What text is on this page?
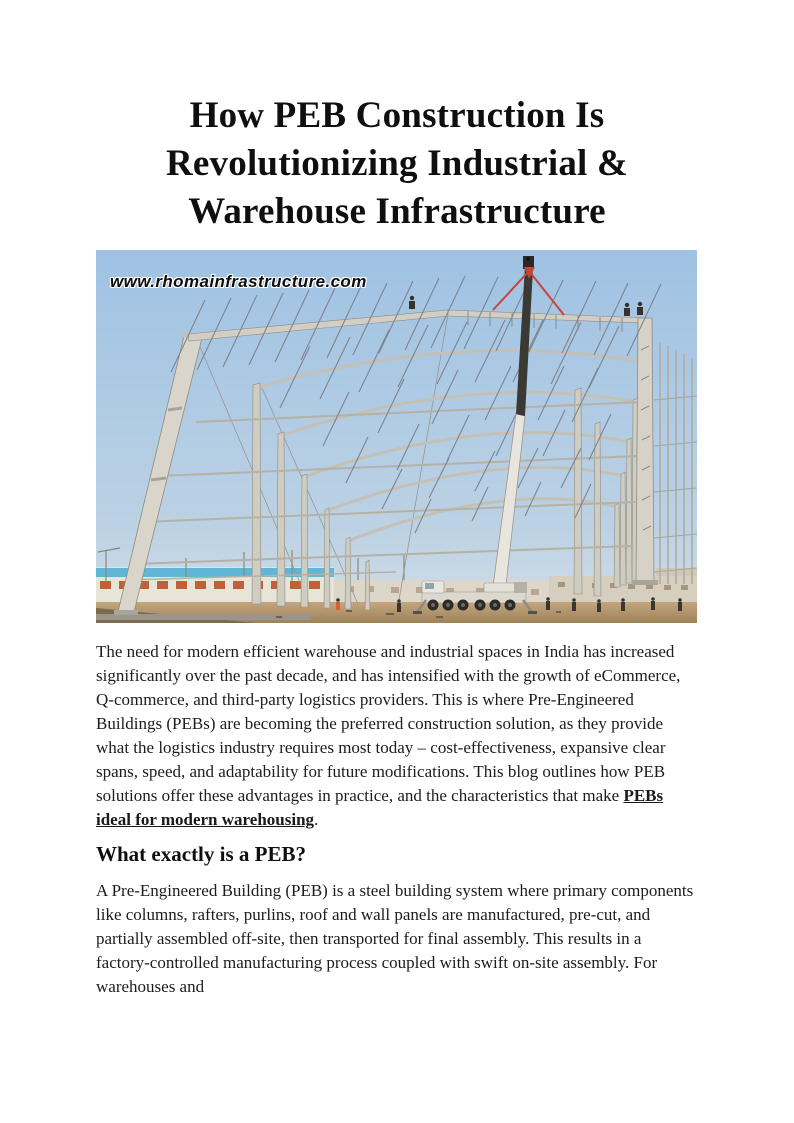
How PEB Construction Is
Revolutionizing Industrial &
Warehouse Infrastructure
www.rhomainfrastructure.com

The need for modern efficient warehouse and industrial spaces in India has increased significantly over the past decade, and has intensified with the growth of eCommerce, Q-commerce, and third-party logistics providers. This is where Pre-Engineered Buildings (PEBs) are becoming the preferred construction solution, as they provide what the logistics industry requires most today – cost-effectiveness, expansive clear spans, speed, and adaptability for future modifications. This blog outlines how PEB solutions offer these advantages in practice, and the characteristics that make PEBs ideal for modern warehousing.

What exactly is a PEB?

A Pre-Engineered Building (PEB) is a steel building system where primary components like columns, rafters, purlins, roof and wall panels are manufactured, pre-cut, and partially assembled off-site, then transported for final assembly. This results in a factory-controlled manufacturing process coupled with swift on-site assembly. For warehouses and
